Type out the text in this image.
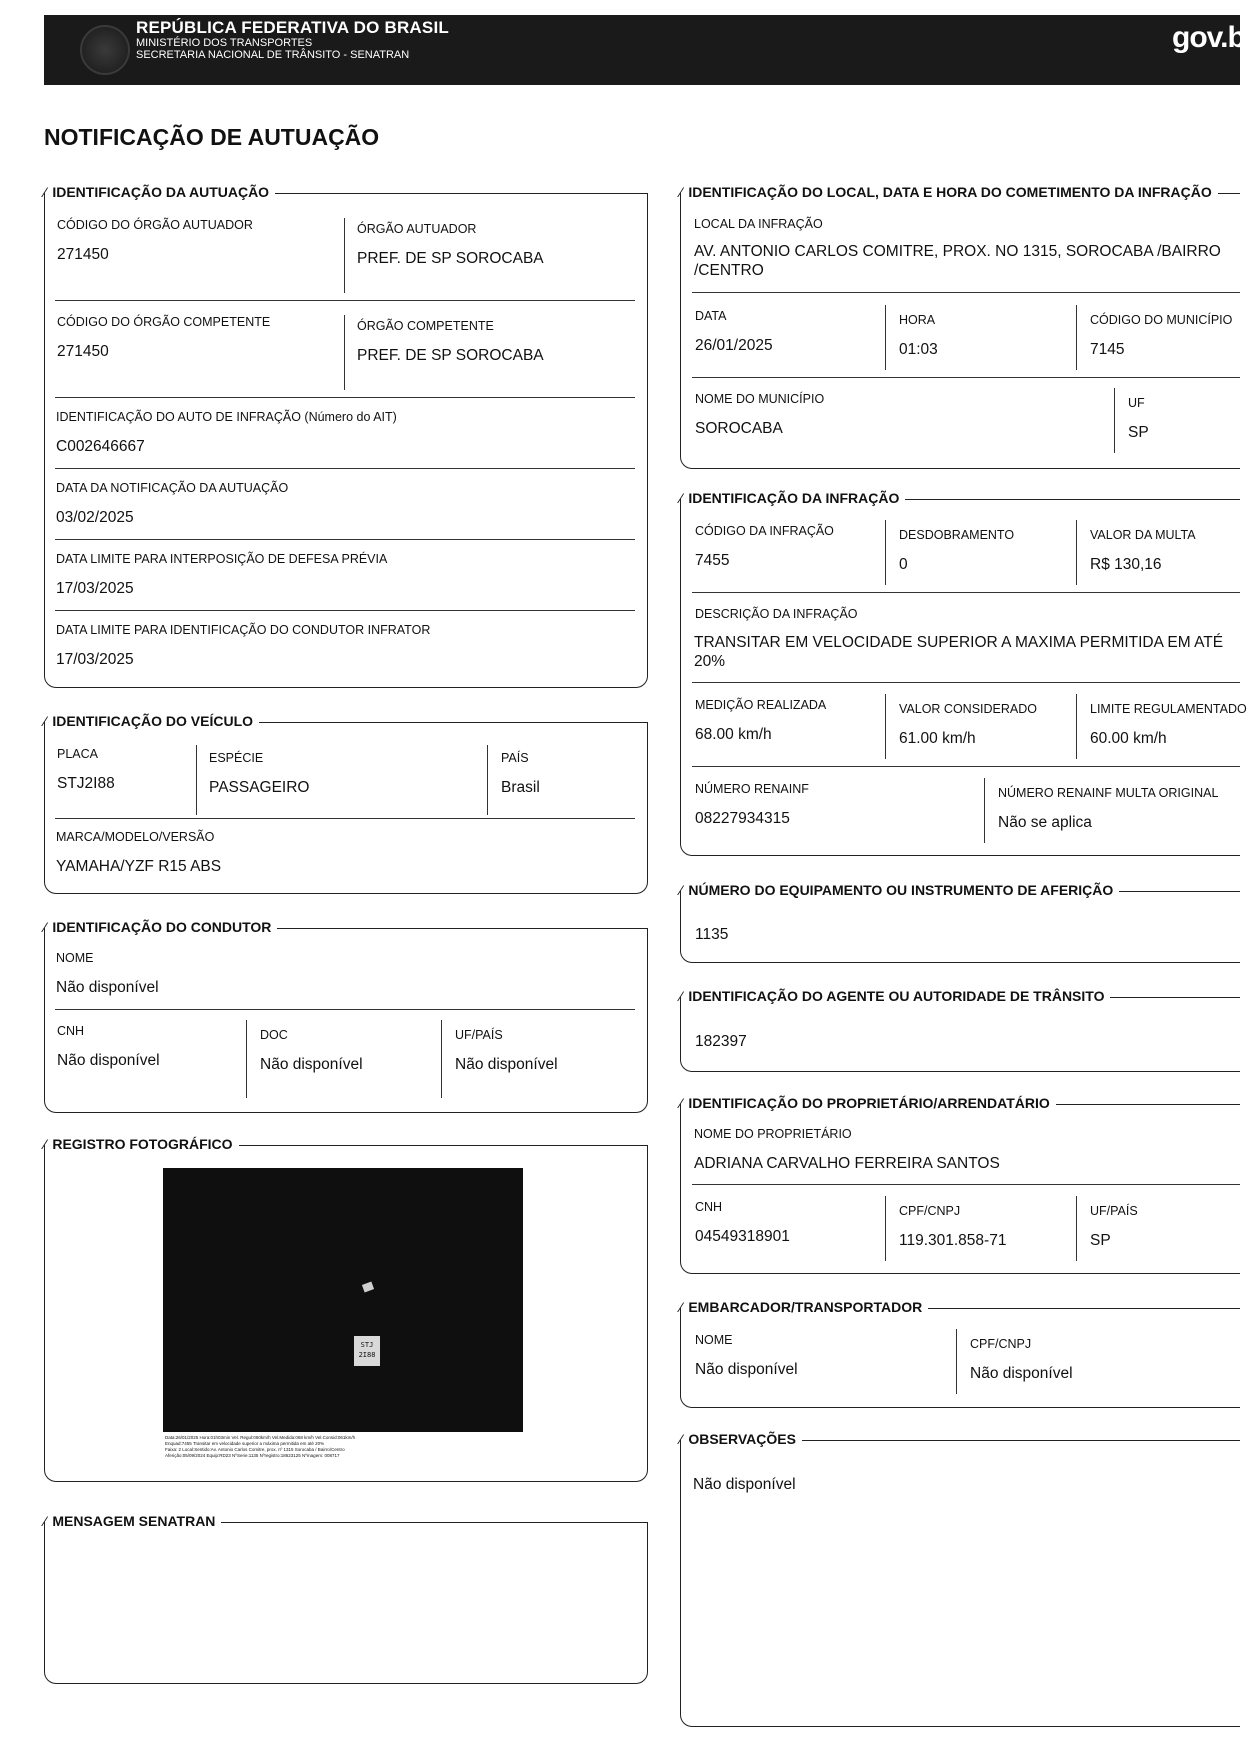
REPÚBLICA FEDERATIVA DO BRASIL
MINISTÉRIO DOS TRANSPORTES
SECRETARIA NACIONAL DE TRÂNSITO - SENATRAN
gov.br
NOTIFICAÇÃO DE AUTUAÇÃO
⁄ IDENTIFICAÇÃO DA AUTUAÇÃO
CÓDIGO DO ÓRGÃO AUTUADOR
271450
ÓRGÃO AUTUADOR
PREF. DE SP SOROCABA
CÓDIGO DO ÓRGÃO COMPETENTE
271450
ÓRGÃO COMPETENTE
PREF. DE SP SOROCABA
IDENTIFICAÇÃO DO AUTO DE INFRAÇÃO (Número do AIT)
C002646667
DATA DA NOTIFICAÇÃO DA AUTUAÇÃO
03/02/2025
DATA LIMITE PARA INTERPOSIÇÃO DE DEFESA PRÉVIA
17/03/2025
DATA LIMITE PARA IDENTIFICAÇÃO DO CONDUTOR INFRATOR
17/03/2025
⁄ IDENTIFICAÇÃO DO VEÍCULO
PLACA
STJ2I88
ESPÉCIE
PASSAGEIRO
PAÍS
Brasil
MARCA/MODELO/VERSÃO
YAMAHA/YZF R15 ABS
⁄ IDENTIFICAÇÃO DO CONDUTOR
NOME
Não disponível
CNH
Não disponível
DOC
Não disponível
UF/PAÍS
Não disponível
⁄ REGISTRO FOTOGRÁFICO
STJ
2I88
Data:26/01/2025 Hora:01h03min Vel. Regul:060km/h Vel.Medida:068 km/h Vel.Consid:061km/h
Enquad:7455 Transitar em velocidade superior a máxima permitida em até 20%
Faixa: 2 Local:Sentido:Av. Antonio Carlos Comitre, prox. nº 1315 Sorocaba / Bairro/Centro
Aferição:05/09/2024 Equip:RD23 NºSerie:1135 Nºregistro:18623125 Nºmagem: 008717
⁄ MENSAGEM SENATRAN
⁄ IDENTIFICAÇÃO DO LOCAL, DATA E HORA DO COMETIMENTO DA INFRAÇÃO
LOCAL DA INFRAÇÃO
AV. ANTONIO CARLOS COMITRE, PROX. NO 1315, SOROCABA /BAIRRO
/CENTRO
DATA
26/01/2025
HORA
01:03
CÓDIGO DO MUNICÍPIO
7145
NOME DO MUNICÍPIO
SOROCABA
UF
SP
⁄ IDENTIFICAÇÃO DA INFRAÇÃO
CÓDIGO DA INFRAÇÃO
7455
DESDOBRAMENTO
0
VALOR DA MULTA
R$ 130,16
DESCRIÇÃO DA INFRAÇÃO
TRANSITAR EM VELOCIDADE SUPERIOR A MAXIMA PERMITIDA EM ATÉ
20%
MEDIÇÃO REALIZADA
68.00 km/h
VALOR CONSIDERADO
61.00 km/h
LIMITE REGULAMENTADO
60.00 km/h
NÚMERO RENAINF
08227934315
NÚMERO RENAINF MULTA ORIGINAL
Não se aplica
⁄ NÚMERO DO EQUIPAMENTO OU INSTRUMENTO DE AFERIÇÃO
1135
⁄ IDENTIFICAÇÃO DO AGENTE OU AUTORIDADE DE TRÂNSITO
182397
⁄ IDENTIFICAÇÃO DO PROPRIETÁRIO/ARRENDATÁRIO
NOME DO PROPRIETÁRIO
ADRIANA CARVALHO FERREIRA SANTOS
CNH
04549318901
CPF/CNPJ
119.301.858-71
UF/PAÍS
SP
⁄ EMBARCADOR/TRANSPORTADOR
NOME
Não disponível
CPF/CNPJ
Não disponível
⁄ OBSERVAÇÕES
Não disponível
